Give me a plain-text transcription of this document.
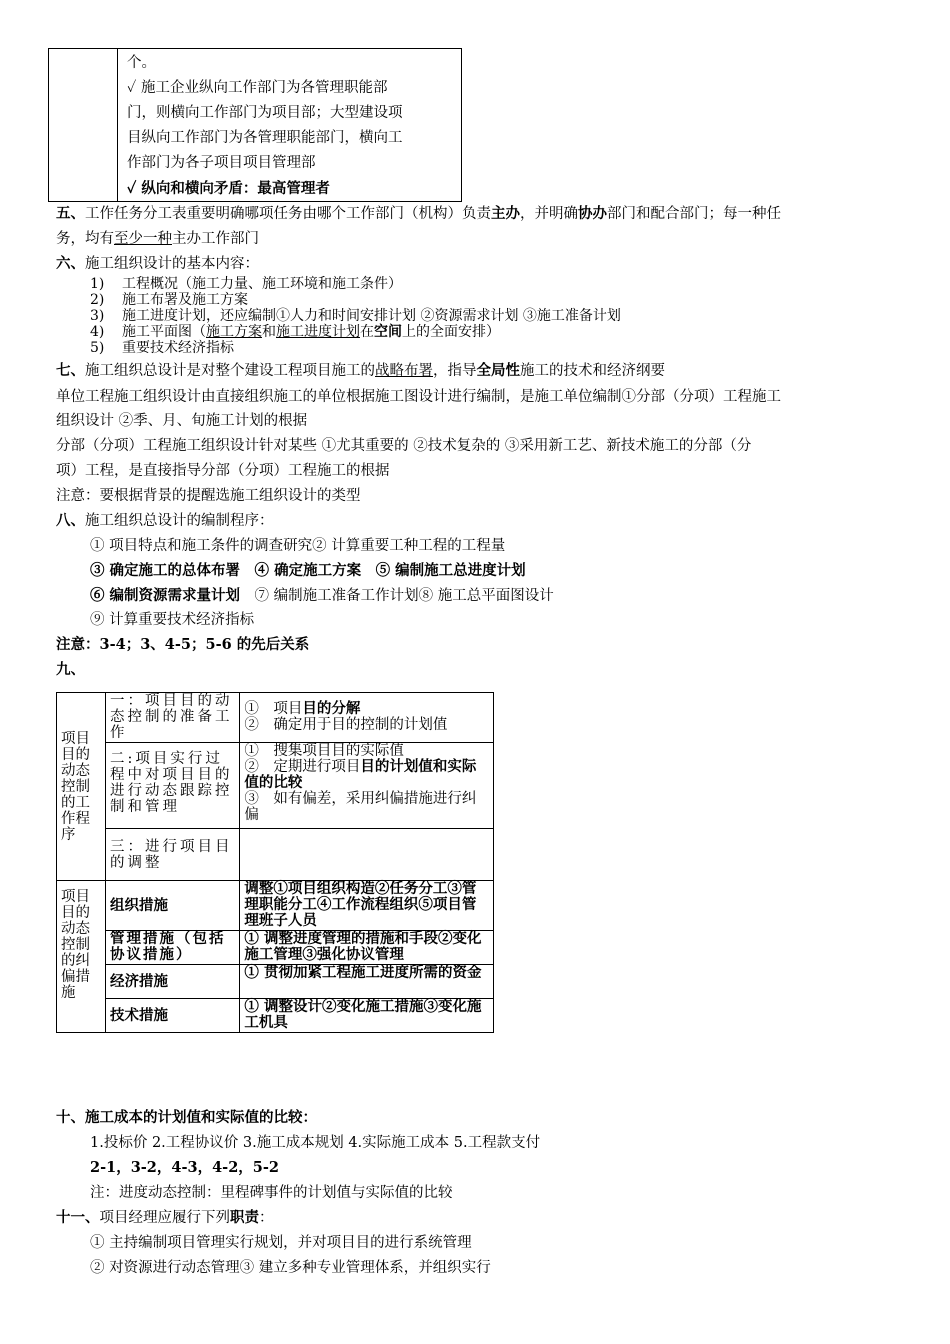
个。
✓ 施工企业纵向工作部门为各管理职能部
门，则横向工作部门为项目部；大型建设项
目纵向工作部门为各管理职能部门，横向工
作部门为各子项目项目管理部
✓ 纵向和横向矛盾：最高管理者
五、工作任务分工表重要明确哪项任务由哪个工作部门（机构）负责主办，并明确协办部门和配合部门；每一种任
务，均有至少一种主办工作部门
六、施工组织设计的基本内容：
1) 工程概况（施工力量、施工环境和施工条件）
2) 施工布署及施工方案
3) 施工进度计划，还应编制①人力和时间安排计划 ②资源需求计划 ③施工准备计划
4) 施工平面图（施工方案和施工进度计划在空间上的全面安排）
5) 重要技术经济指标
七、施工组织总设计是对整个建设工程项目施工的战略布署，指导全局性施工的技术和经济纲要
单位工程施工组织设计由直接组织施工的单位根据施工图设计进行编制，是施工单位编制①分部（分项）工程施工
组织设计 ②季、月、旬施工计划的根据
分部（分项）工程施工组织设计针对某些 ①尤其重要的 ②技术复杂的 ③采用新工艺、新技术施工的分部（分
项）工程，是直接指导分部（分项）工程施工的根据
注意：要根据背景的提醒选施工组织设计的类型
八、施工组织总设计的编制程序：
① 项目特点和施工条件的调查研究② 计算重要工种工程的工程量
③ 确定施工的总体布署　④ 确定施工方案　⑤ 编制施工总进度计划
⑥ 编制资源需求量计划　⑦ 编制施工准备工作计划⑧ 施工总平面图设计
⑨ 计算重要技术经济指标
注意：3-4；3、4-5；5-6 的先后关系
九、
项目目的动态控制的工作程序	一：项目目的动态控制的准备工作	①　项目目的分解
②　确定用于目的控制的计划值

	二:项目实行过程中对项目目的进行动态跟踪控制和管理	①　搜集项目目的实际值
②　定期进行项目目的计划值和实际值的比较
③　如有偏差，采用纠偏措施进行纠偏

	三：进行项目目的调整	

项目目的动态控制的纠偏措施	组织措施	调整①项目组织构造②任务分工③管理职能分工④工作流程组织⑤项目管理班子人员
	管理措施（包括协议措施）	① 调整进度管理的措施和手段②变化施工管理③强化协议管理
	经济措施	① 贯彻加紧工程施工进度所需的资金
	技术措施	① 调整设计②变化施工措施③变化施工机具
十、施工成本的计划值和实际值的比较：
1.投标价 2.工程协议价 3.施工成本规划 4.实际施工成本 5.工程款支付
2-1，3-2，4-3，4-2，5-2
注：进度动态控制：里程碑事件的计划值与实际值的比较
十一、项目经理应履行下列职责：
① 主持编制项目管理实行规划，并对项目目的进行系统管理
② 对资源进行动态管理③ 建立多种专业管理体系，并组织实行
